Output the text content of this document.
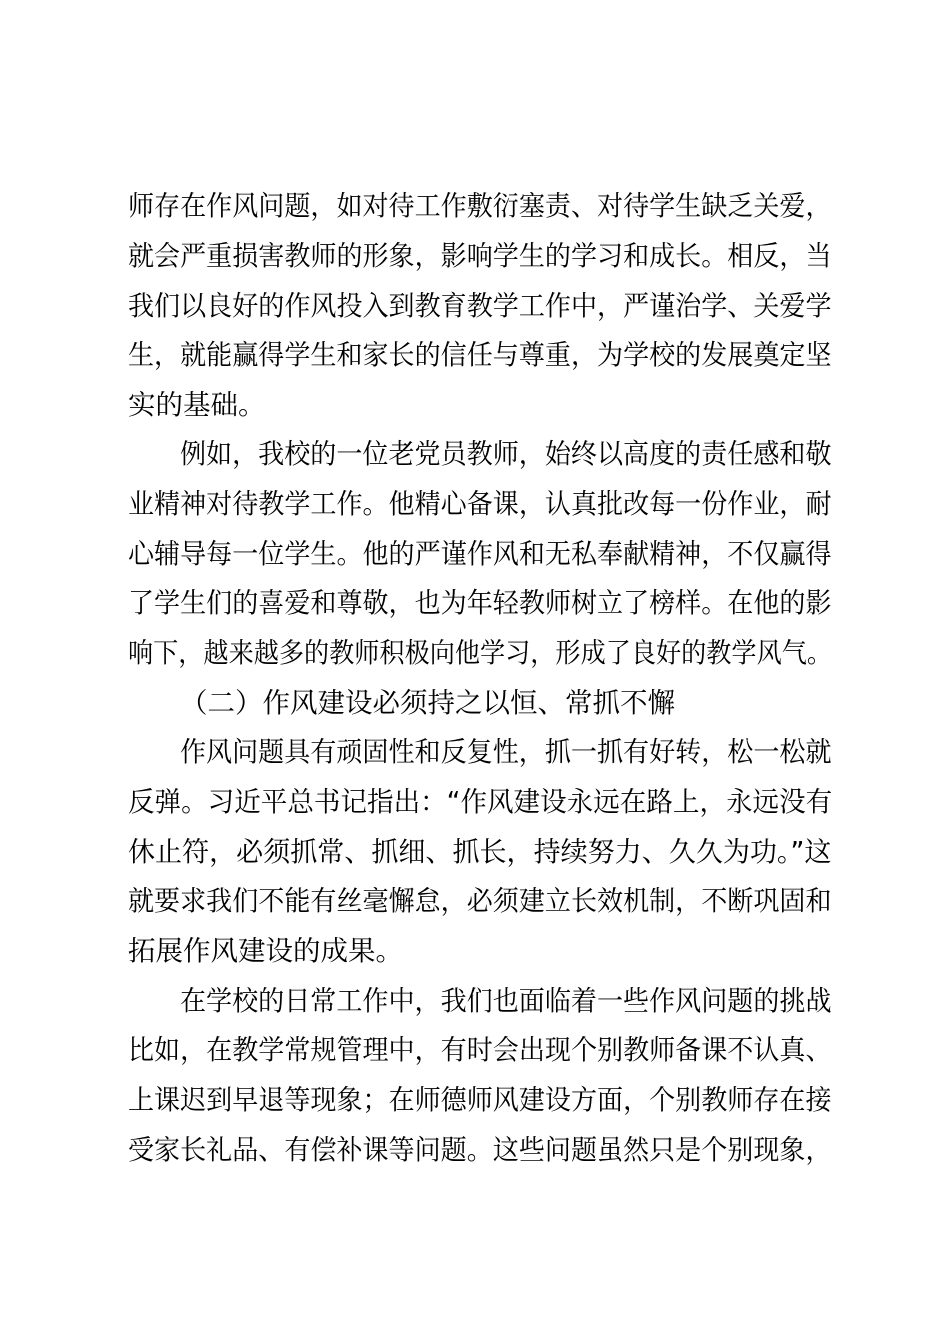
师存在作风问题，如对待工作敷衍塞责、对待学生缺乏关爱，
就会严重损害教师的形象，影响学生的学习和成长。相反，当
我们以良好的作风投入到教育教学工作中，严谨治学、关爱学
生，就能赢得学生和家长的信任与尊重，为学校的发展奠定坚
实的基础。
例如，我校的一位老党员教师，始终以高度的责任感和敬
业精神对待教学工作。他精心备课，认真批改每一份作业，耐
心辅导每一位学生。他的严谨作风和无私奉献精神，不仅赢得
了学生们的喜爱和尊敬，也为年轻教师树立了榜样。在他的影
响下，越来越多的教师积极向他学习，形成了良好的教学风气。
（二）作风建设必须持之以恒、常抓不懈
作风问题具有顽固性和反复性，抓一抓有好转，松一松就
反弹。习近平总书记指出：“作风建设永远在路上，永远没有
休止符，必须抓常、抓细、抓长，持续努力、久久为功。”这
就要求我们不能有丝毫懈怠，必须建立长效机制，不断巩固和
拓展作风建设的成果。
在学校的日常工作中，我们也面临着一些作风问题的挑战
比如，在教学常规管理中，有时会出现个别教师备课不认真、
上课迟到早退等现象；在师德师风建设方面，个别教师存在接
受家长礼品、有偿补课等问题。这些问题虽然只是个别现象，
